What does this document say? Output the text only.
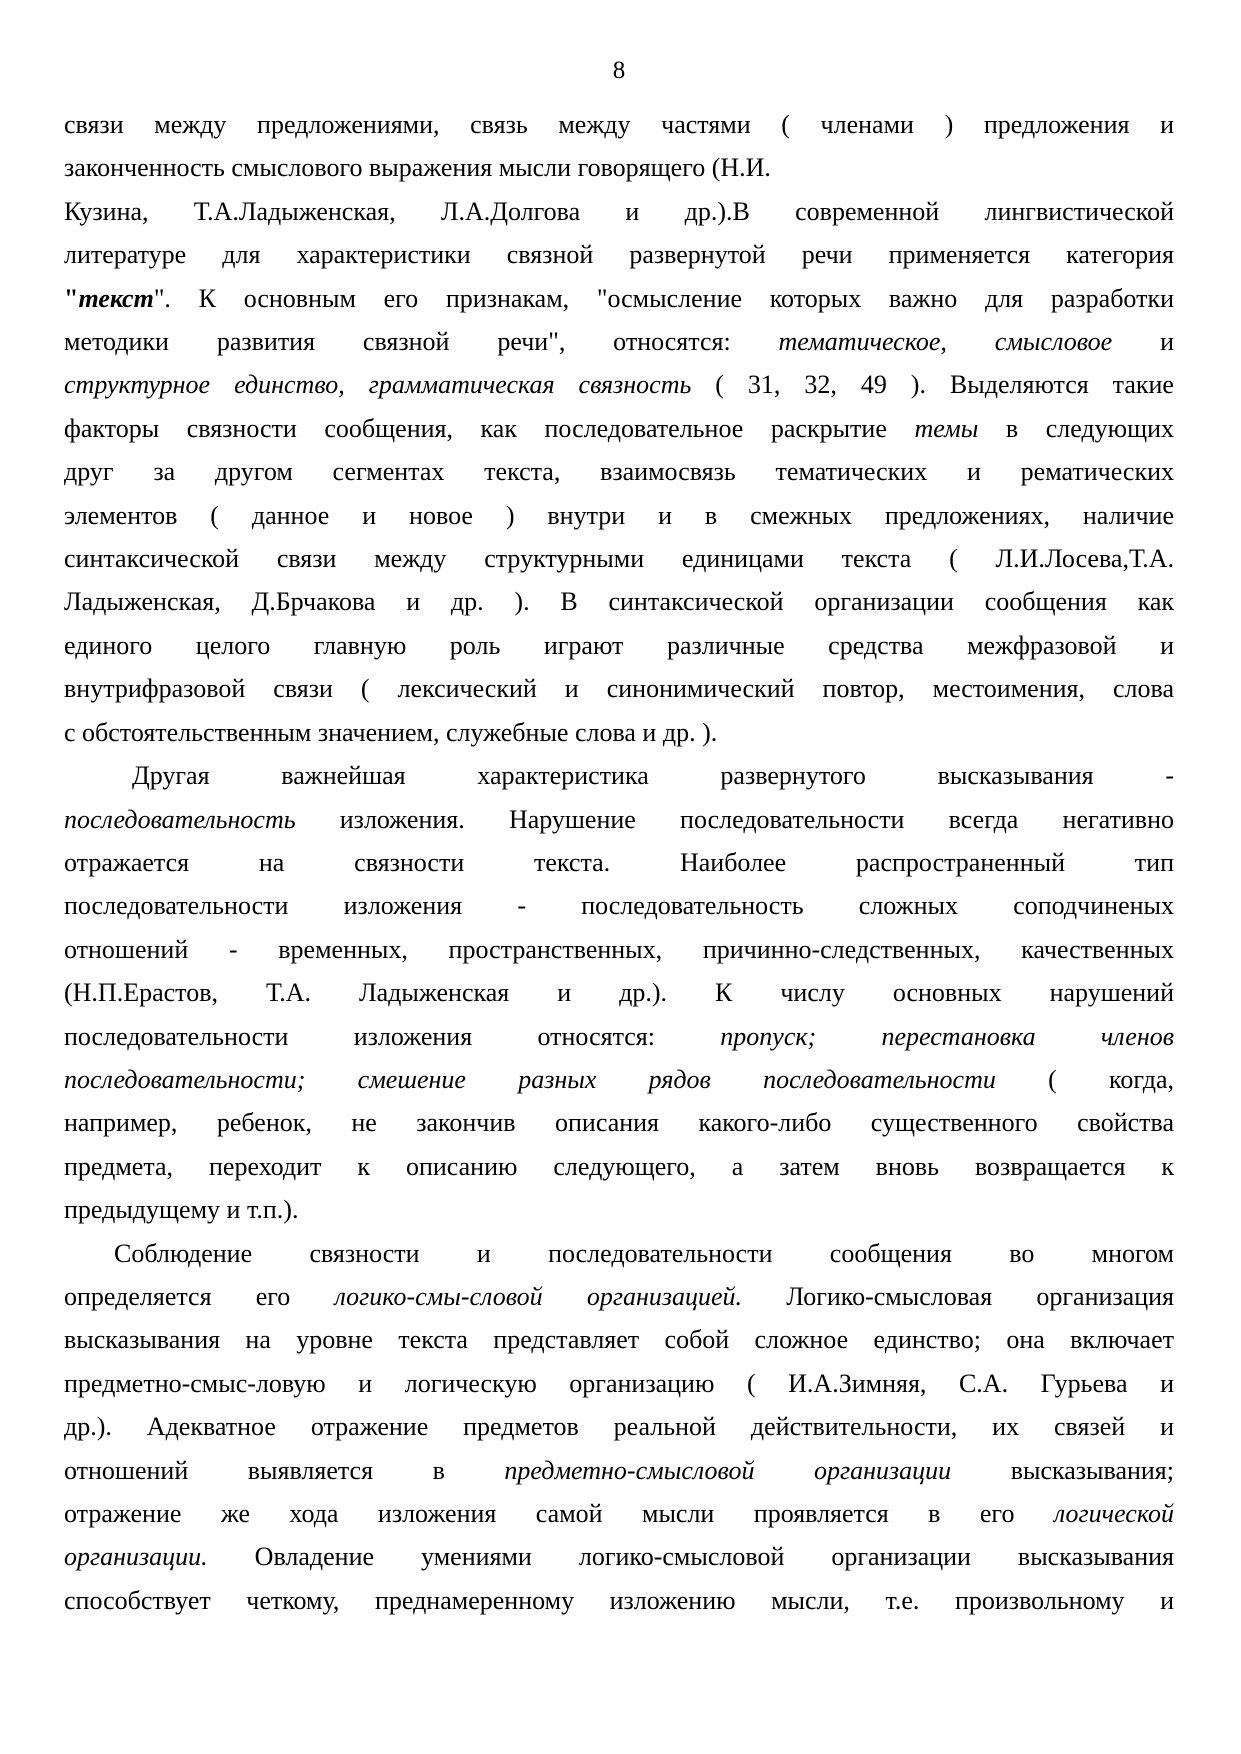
8
связи между предложениями, связь между частями ( членами ) предложения и
законченность смыслового выражения мысли говорящего (Н.И.
Кузина, Т.А.Ладыженская, Л.А.Долгова и др.).В современной лингвистической
литературе для характеристики связной развернутой речи применяется категория
"текст". К основным его признакам, "осмысление которых важно для разработки
методики развития связной речи", относятся: тематическое, смысловое и
структурное единство, грамматическая связность ( 31, 32, 49 ). Выделяются такие
факторы связности сообщения, как последовательное раскрытие темы в следующих
друг за другом сегментах текста, взаимосвязь тематических и рематических
элементов ( данное и новое ) внутри и в смежных предложениях, наличие
синтаксической связи между структурными единицами текста ( Л.И.Лосева,Т.А.
Ладыженская, Д.Брчакова и др. ). В синтаксической организации сообщения как
единого целого главную роль играют различные средства межфразовой и
внутрифразовой связи ( лексический и синонимический повтор, местоимения, слова
с обстоятельственным значением, служебные слова и др. ).
Другая важнейшая характеристика развернутого высказывания -
последовательность изложения. Нарушение последовательности всегда негативно
отражается на связности текста. Наиболее распространенный тип
последовательности изложения - последовательность сложных соподчиненых
отношений - временных, пространственных, причинно-следственных, качественных
(Н.П.Ерастов, Т.А. Ладыженская и др.). К числу основных нарушений
последовательности изложения относятся: пропуск; перестановка членов
последовательности; смешение разных рядов последовательности ( когда,
например, ребенок, не закончив описания какого-либо существенного свойства
предмета, переходит к описанию следующего, а затем вновь возвращается к
предыдущему и т.п.).
Соблюдение связности и последовательности сообщения во многом
определяется его логико-смы-словой организацией. Логико-смысловая организация
высказывания на уровне текста представляет собой сложное единство; она включает
предметно-смыс-ловую и логическую организацию ( И.А.Зимняя, С.А. Гурьева и
др.). Адекватное отражение предметов реальной действительности, их связей и
отношений выявляется в предметно-смысловой организации высказывания;
отражение же хода изложения самой мысли проявляется в его логической
организации. Овладение умениями логико-смысловой организации высказывания
способствует четкому, преднамеренному изложению мысли, т.е. произвольному и
